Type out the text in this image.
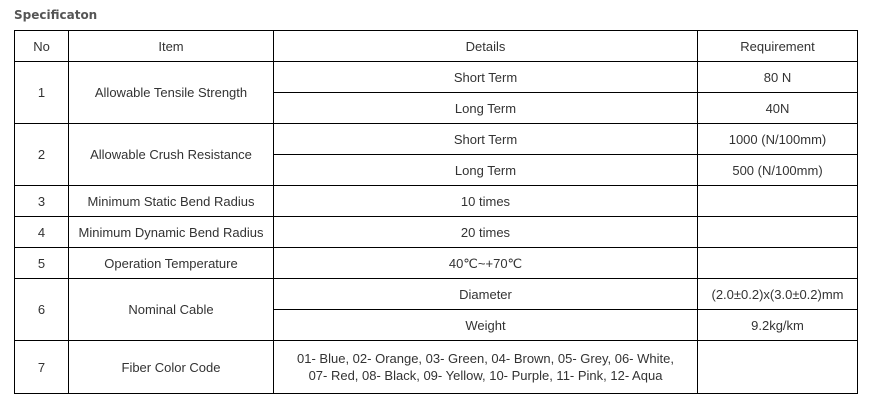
Specificaton
No	Item	Details	Requirement
1	Allowable Tensile Strength	Short Term	80 N
		Long Term	40N
2	Allowable Crush Resistance	Short Term	1000 (N/100mm)
		Long Term	500 (N/100mm)
3	Minimum Static Bend Radius	10 times	
4	Minimum Dynamic Bend Radius	20 times	
5	Operation Temperature	40℃~+70℃	
6	Nominal Cable	Diameter	(2.0±0.2)x(3.0±0.2)mm
		Weight	9.2kg/km
7	Fiber Color Code	01- Blue, 02- Orange, 03- Green, 04- Brown, 05- Grey, 06- White,
07- Red, 08- Black, 09- Yellow, 10- Purple, 11- Pink, 12- Aqua	
